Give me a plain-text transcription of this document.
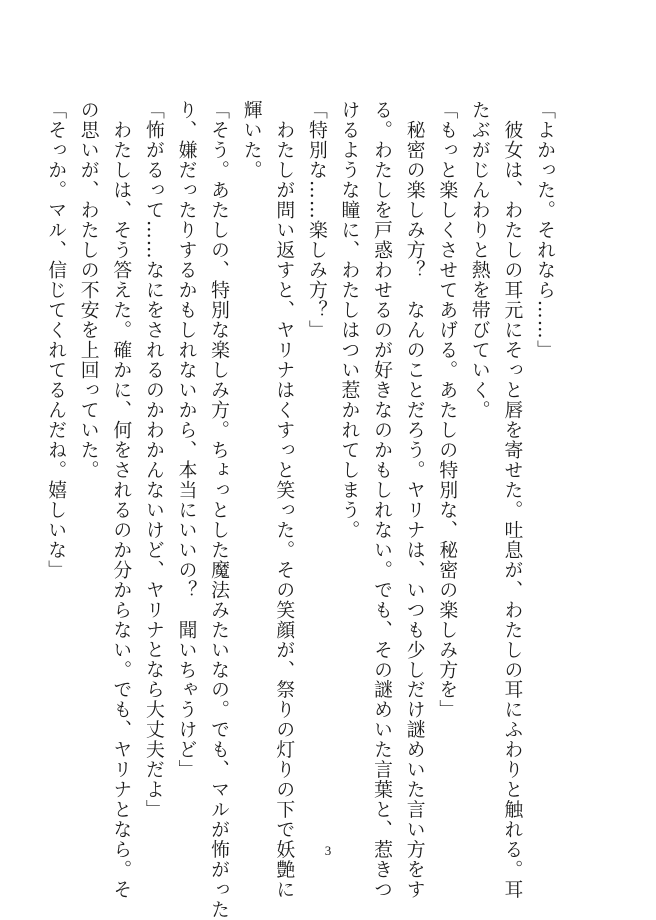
「よかった。それなら……」
　彼女は、わたしの耳元にそっと唇を寄せた。吐息が、わたしの耳にふわりと触れる。耳
たぶがじんわりと熱を帯びていく。
「もっと楽しくさせてあげる。あたしの特別な、秘密の楽しみ方を」
　秘密の楽しみ方？　なんのことだろう。ヤリナは、いつも少しだけ謎めいた言い方をす
る。わたしを戸惑わせるのが好きなのかもしれない。でも、その謎めいた言葉と、惹きつ
けるような瞳に、わたしはつい惹かれてしまう。
「特別な……楽しみ方？」
　わたしが問い返すと、ヤリナはくすっと笑った。その笑顔が、祭りの灯りの下で妖艶に
輝いた。
「そう。あたしの、特別な楽しみ方。ちょっとした魔法みたいなの。でも、マルが怖がった
り、嫌だったりするかもしれないから、本当にいいの？　聞いちゃうけど」
「怖がるって……なにをされるのかわかんないけど、ヤリナとなら大丈夫だよ」
　わたしは、そう答えた。確かに、何をされるのか分からない。でも、ヤリナとなら。そ
の思いが、わたしの不安を上回っていた。
「そっか。マル、信じてくれてるんだね。嬉しいな」
3
